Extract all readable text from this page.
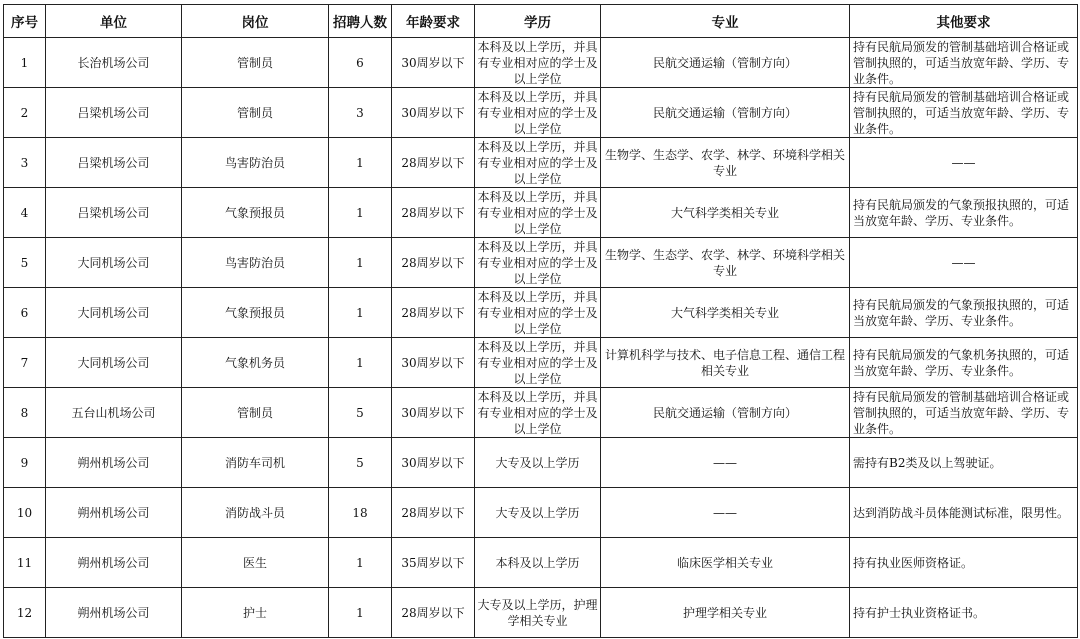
序号	单位	岗位	招聘人数	年龄要求	学历	专业	其他要求
1	长治机场公司	管制员	6	30周岁以下	本科及以上学历，并具有专业相对应的学士及以上学位	民航交通运输（管制方向）	持有民航局颁发的管制基础培训合格证或管制执照的，可适当放宽年龄、学历、专业条件。
2	吕梁机场公司	管制员	3	30周岁以下	本科及以上学历，并具有专业相对应的学士及以上学位	民航交通运输（管制方向）	持有民航局颁发的管制基础培训合格证或管制执照的，可适当放宽年龄、学历、专业条件。
3	吕梁机场公司	鸟害防治员	1	28周岁以下	本科及以上学历，并具有专业相对应的学士及以上学位	生物学、生态学、农学、林学、环境科学相关专业	——
4	吕梁机场公司	气象预报员	1	28周岁以下	本科及以上学历，并具有专业相对应的学士及以上学位	大气科学类相关专业	持有民航局颁发的气象预报执照的，可适当放宽年龄、学历、专业条件。
5	大同机场公司	鸟害防治员	1	28周岁以下	本科及以上学历，并具有专业相对应的学士及以上学位	生物学、生态学、农学、林学、环境科学相关专业	——
6	大同机场公司	气象预报员	1	28周岁以下	本科及以上学历，并具有专业相对应的学士及以上学位	大气科学类相关专业	持有民航局颁发的气象预报执照的，可适当放宽年龄、学历、专业条件。
7	大同机场公司	气象机务员	1	30周岁以下	本科及以上学历，并具有专业相对应的学士及以上学位	计算机科学与技术、电子信息工程、通信工程相关专业	持有民航局颁发的气象机务执照的，可适当放宽年龄、学历、专业条件。
8	五台山机场公司	管制员	5	30周岁以下	本科及以上学历，并具有专业相对应的学士及以上学位	民航交通运输（管制方向）	持有民航局颁发的管制基础培训合格证或管制执照的，可适当放宽年龄、学历、专业条件。
9	朔州机场公司	消防车司机	5	30周岁以下	大专及以上学历	——	需持有B2类及以上驾驶证。
10	朔州机场公司	消防战斗员	18	28周岁以下	大专及以上学历	——	达到消防战斗员体能测试标准，限男性。
11	朔州机场公司	医生	1	35周岁以下	本科及以上学历	临床医学相关专业	持有执业医师资格证。
12	朔州机场公司	护士	1	28周岁以下	大专及以上学历，护理学相关专业	护理学相关专业	持有护士执业资格证书。
